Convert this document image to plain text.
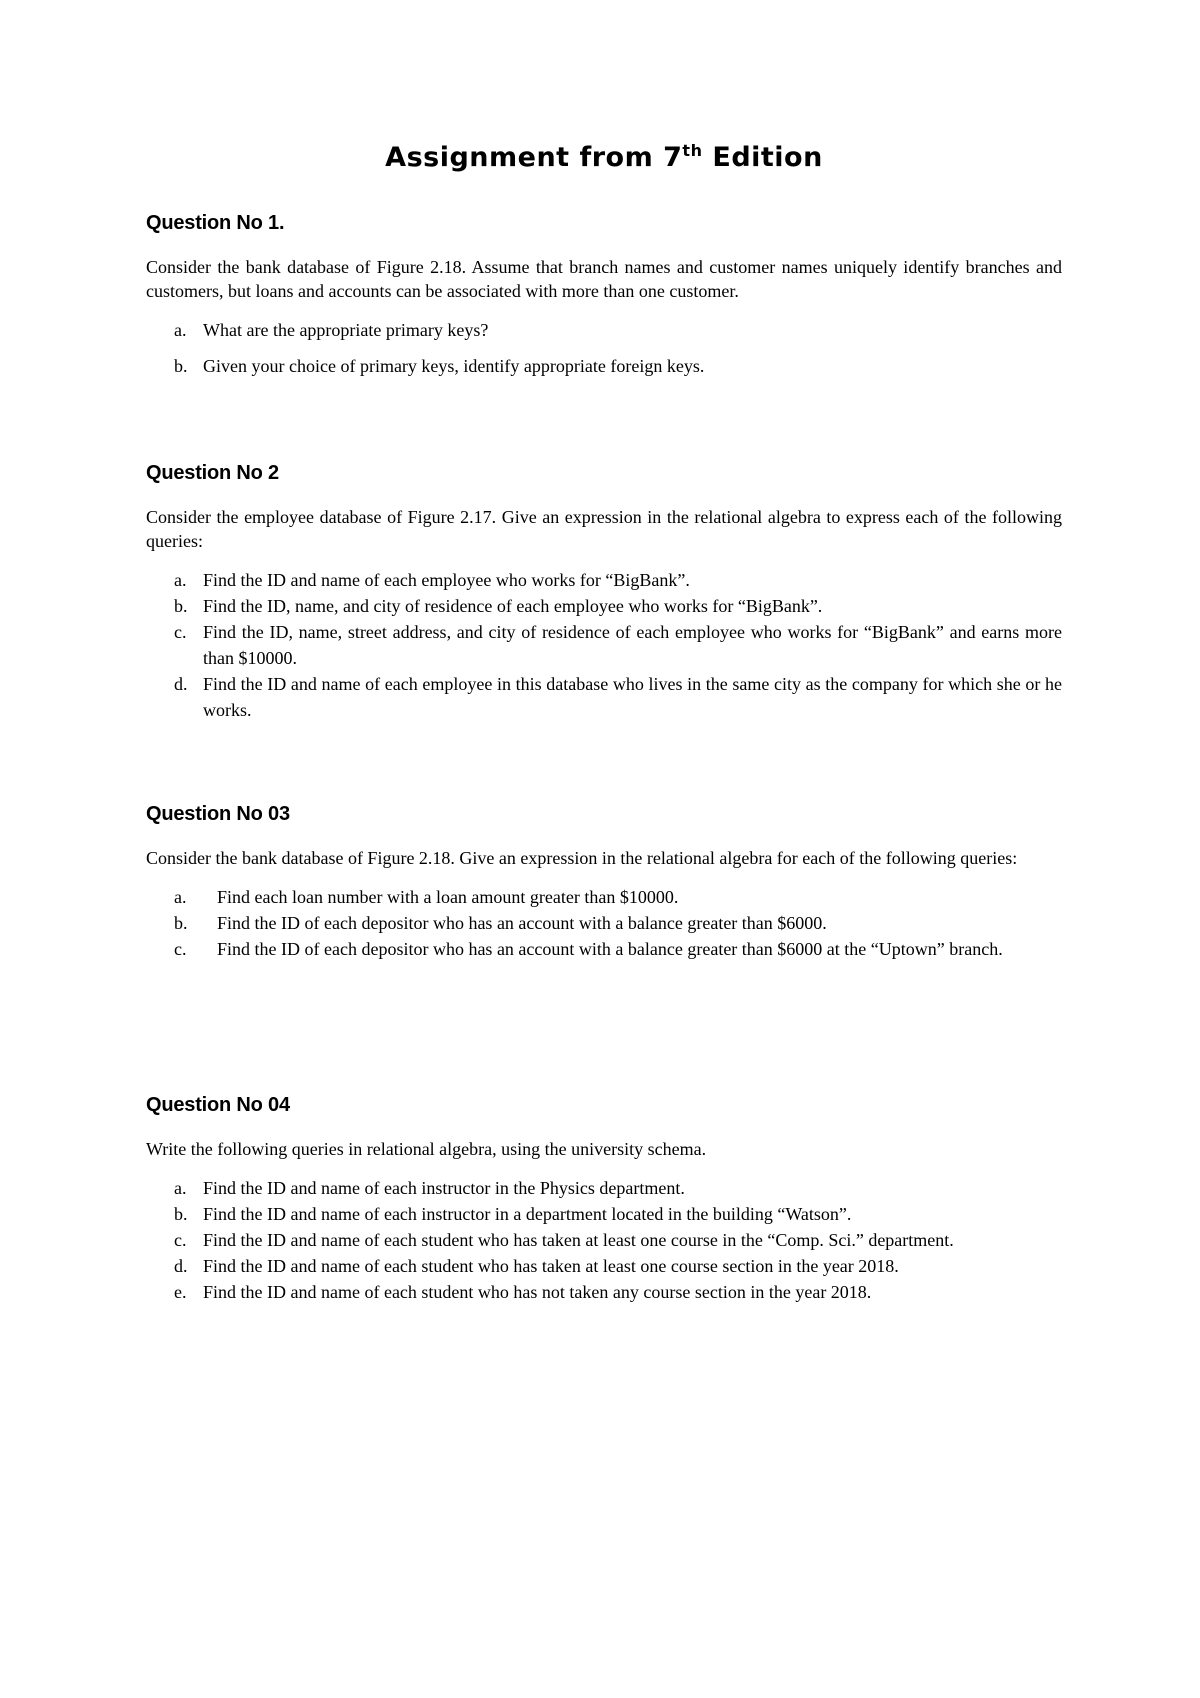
Assignment from 7th Edition

Question No 1.

Consider the bank database of Figure 2.18. Assume that branch names and customer names uniquely identify branches and customers, but loans and accounts can be associated with more than one customer.

a. What are the appropriate primary keys?
b. Given your choice of primary keys, identify appropriate foreign keys.

Question No 2

Consider the employee database of Figure 2.17. Give an expression in the relational algebra to express each of the following queries:

a. Find the ID and name of each employee who works for “BigBank”.
b. Find the ID, name, and city of residence of each employee who works for “BigBank”.
c. Find the ID, name, street address, and city of residence of each employee who works for “BigBank” and earns more than $10000.
d. Find the ID and name of each employee in this database who lives in the same city as the company for which she or he works.

Question No 03

Consider the bank database of Figure 2.18. Give an expression in the relational algebra for each of the following queries:

a. Find each loan number with a loan amount greater than $10000.
b. Find the ID of each depositor who has an account with a balance greater than $6000.
c. Find the ID of each depositor who has an account with a balance greater than $6000 at the “Uptown” branch.

Question No 04

Write the following queries in relational algebra, using the university schema.

a. Find the ID and name of each instructor in the Physics department.
b. Find the ID and name of each instructor in a department located in the building “Watson”.
c. Find the ID and name of each student who has taken at least one course in the “Comp. Sci.” department.
d. Find the ID and name of each student who has taken at least one course section in the year 2018.
e. Find the ID and name of each student who has not taken any course section in the year 2018.
